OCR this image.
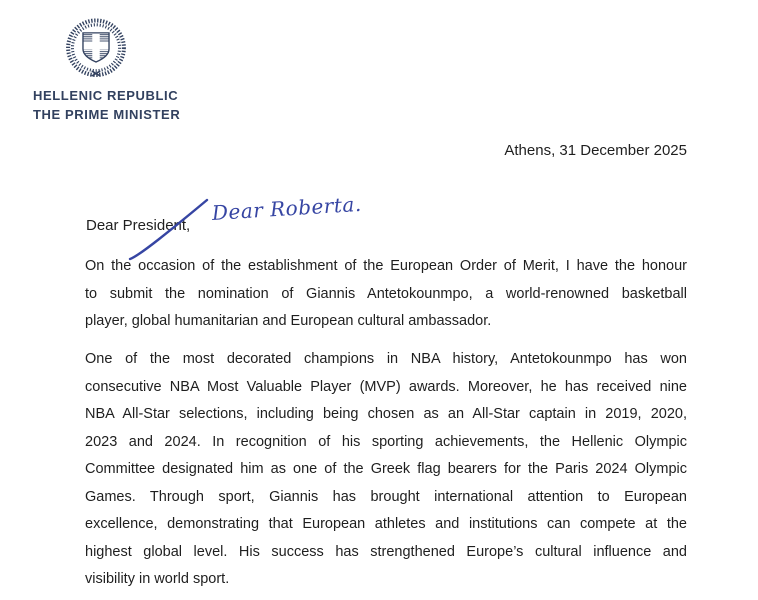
HELLENIC REPUBLIC
THE PRIME MINISTER
Athens, 31 December 2025
Dear President,
Dear Roberta.
On the occasion of the establishment of the European Order of Merit, I have the honour
to submit the nomination of Giannis Antetokounmpo, a world-renowned basketball
player, global humanitarian and European cultural ambassador.
One of the most decorated champions in NBA history, Antetokounmpo has won
consecutive NBA Most Valuable Player (MVP) awards. Moreover, he has received nine
NBA All-Star selections, including being chosen as an All-Star captain in 2019, 2020,
2023 and 2024. In recognition of his sporting achievements, the Hellenic Olympic
Committee designated him as one of the Greek flag bearers for the Paris 2024 Olympic
Games. Through sport, Giannis has brought international attention to European
excellence, demonstrating that European athletes and institutions can compete at the
highest global level. His success has strengthened Europe’s cultural influence and
visibility in world sport.
